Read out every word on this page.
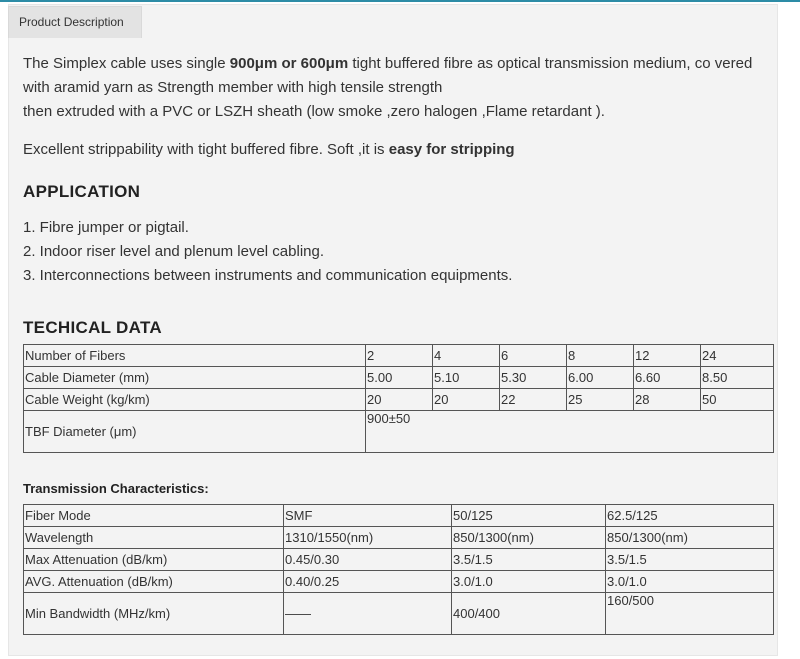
Product Description

The Simplex cable uses single 900μm or 600μm tight buffered fibre as optical transmission medium, co vered with aramid yarn as Strength member with high tensile strength
then extruded with a PVC or LSZH sheath (low smoke ,zero halogen ,Flame retardant ).

Excellent strippability with tight buffered fibre. Soft ,it is easy for stripping

APPLICATION
1. Fibre jumper or pigtail.
2. Indoor riser level and plenum level cabling.
3. Interconnections between instruments and communication equipments.
TECHICAL DATA
Number of Fibers	2	4	6	8	12	24
Cable Diameter (mm)	5.00	5.10	5.30	6.00	6.60	8.50
Cable Weight (kg/km)	20	20	22	25	28	50
TBF Diameter (μm)	900±50					
Transmission Characteristics:
Fiber Mode	SMF	50/125	62.5/125
Wavelength	1310/1550(nm)	850/1300(nm)	850/1300(nm)
Max Attenuation (dB/km)	0.45/0.30	3.5/1.5	3.5/1.5
AVG. Attenuation (dB/km)	0.40/0.25	3.0/1.0	3.0/1.0
Min Bandwidth (MHz/km)	——	400/400	160/500
